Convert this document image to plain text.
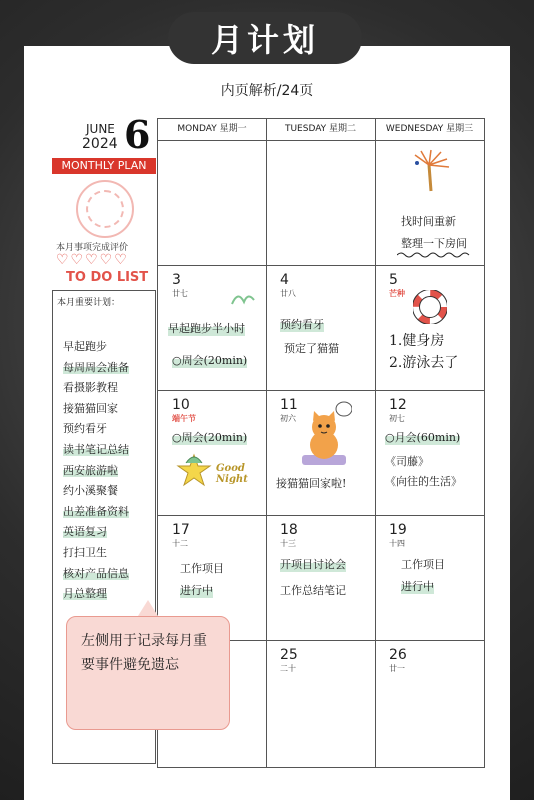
月计划
内页解析/24页
JUNE
2024 6
MONTHLY PLAN
本月事项完成评价
♡♡♡♡♡
TO DO LIST
本月重要计划：
早起跑步
每周周会准备
看摄影教程
接猫猫回家
预约看牙
读书笔记总结
西安旅游啦
约小溪聚餐
出差准备资料
英语复习
打扫卫生
核对产品信息
月总整理
MONDAY 星期一	TUESDAY 星期二	WEDNESDAY 星期三
找时间重新
整理一下房间
3
廿七
早起跑步半小时
○周会(20min)
4
廿八
预约看牙
预定了猫猫
5
芒种
1.健身房
2.游泳去了
10
端午节
○周会(20min)
Good Night
11
初六
接猫猫回家啦!
12
初七
○月会(60min)
《司藤》
《向往的生活》
17
十二
工作项目
进行中
18
十三
开项目讨论会
工作总结笔记
19
十四
工作项目
进行中
25
二十
26
廿一
左侧用于记录每月重要事件避免遗忘
